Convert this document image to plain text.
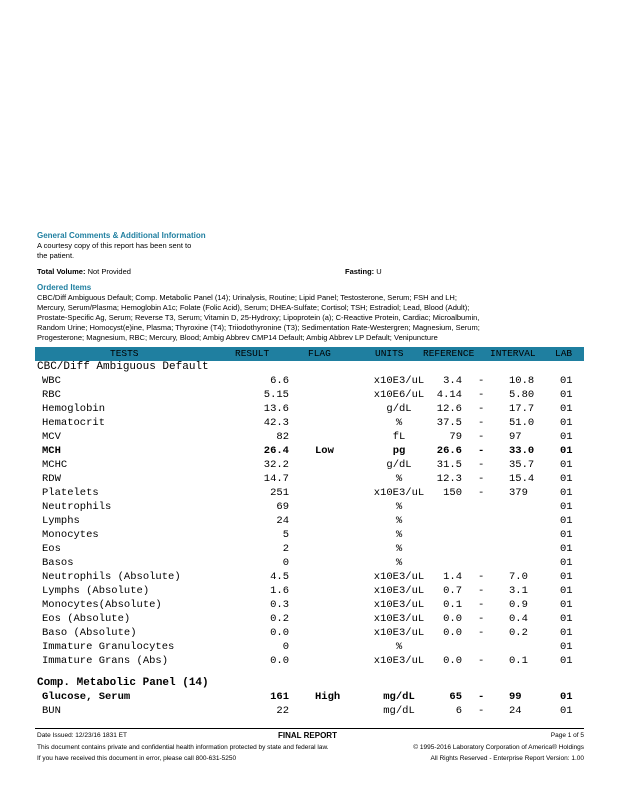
General Comments & Additional Information
A courtesy copy of this report has been sent to
the patient.
Total Volume: Not Provided	Fasting: U
Ordered Items
CBC/Diff Ambiguous Default; Comp. Metabolic Panel (14); Urinalysis, Routine; Lipid Panel; Testosterone, Serum; FSH and LH;
Mercury, Serum/Plasma; Hemoglobin A1c; Folate (Folic Acid), Serum; DHEA-Sulfate; Cortisol; TSH; Estradiol; Lead, Blood (Adult);
Prostate-Specific Ag, Serum; Reverse T3, Serum; Vitamin D, 25-Hydroxy; Lipoprotein (a); C-Reactive Protein, Cardiac; Microalbumin,
Random Urine; Homocyst(e)ine, Plasma; Thyroxine (T4); Triiodothyronine (T3); Sedimentation Rate-Westergren; Magnesium, Serum;
Progesterone; Magnesium, RBC; Mercury, Blood; Ambig Abbrev CMP14 Default; Ambig Abbrev LP Default; Venipuncture
TESTS	RESULT	FLAG	UNITS REFERENCE INTERVAL LAB
CBC/Diff Ambiguous Default
WBC	6.6	x10E3/uL	3.4 - 10.8 01
RBC	5.15	x10E6/uL	4.14 - 5.80 01
Hemoglobin	13.6	g/dL	12.6 - 17.7 01
Hematocrit	42.3	%	37.5 - 51.0 01
MCV	82	fL	79 - 97	01
MCH	26.4 Low	pg	26.6 - 33.0 01
MCHC	32.2	g/dL	31.5 - 35.7 01
RDW	14.7	%	12.3 - 15.4 01
Platelets	251	x10E3/uL	150 - 379	01
Neutrophils	69	%	01
Lymphs	24	%	01
Monocytes	5	%	01
Eos	2	%	01
Basos	0	%	01
Neutrophils (Absolute)	4.5	x10E3/uL	1.4 - 7.0	01
Lymphs (Absolute)	1.6	x10E3/uL	0.7 - 3.1	01
Monocytes(Absolute)	0.3	x10E3/uL	0.1 - 0.9	01
Eos (Absolute)	0.2	x10E3/uL	0.0 - 0.4	01
Baso (Absolute)	0.0	x10E3/uL	0.0 - 0.2	01
Immature Granulocytes	0	%	01
Immature Grans (Abs)	0.0	x10E3/uL	0.0 - 0.1	01
Comp. Metabolic Panel (14)
Glucose, Serum	161 High	mg/dL	65 - 99	01
BUN	22	mg/dL	6 - 24	01
Date Issued: 12/23/16 1831 ET	FINAL REPORT	Page 1 of 5
This document contains private and confidential health information protected by state and federal law.
If you have received this document in error, please call 800-631-5250
© 1995-2016 Laboratory Corporation of America® Holdings
All Rights Reserved - Enterprise Report Version: 1.00
